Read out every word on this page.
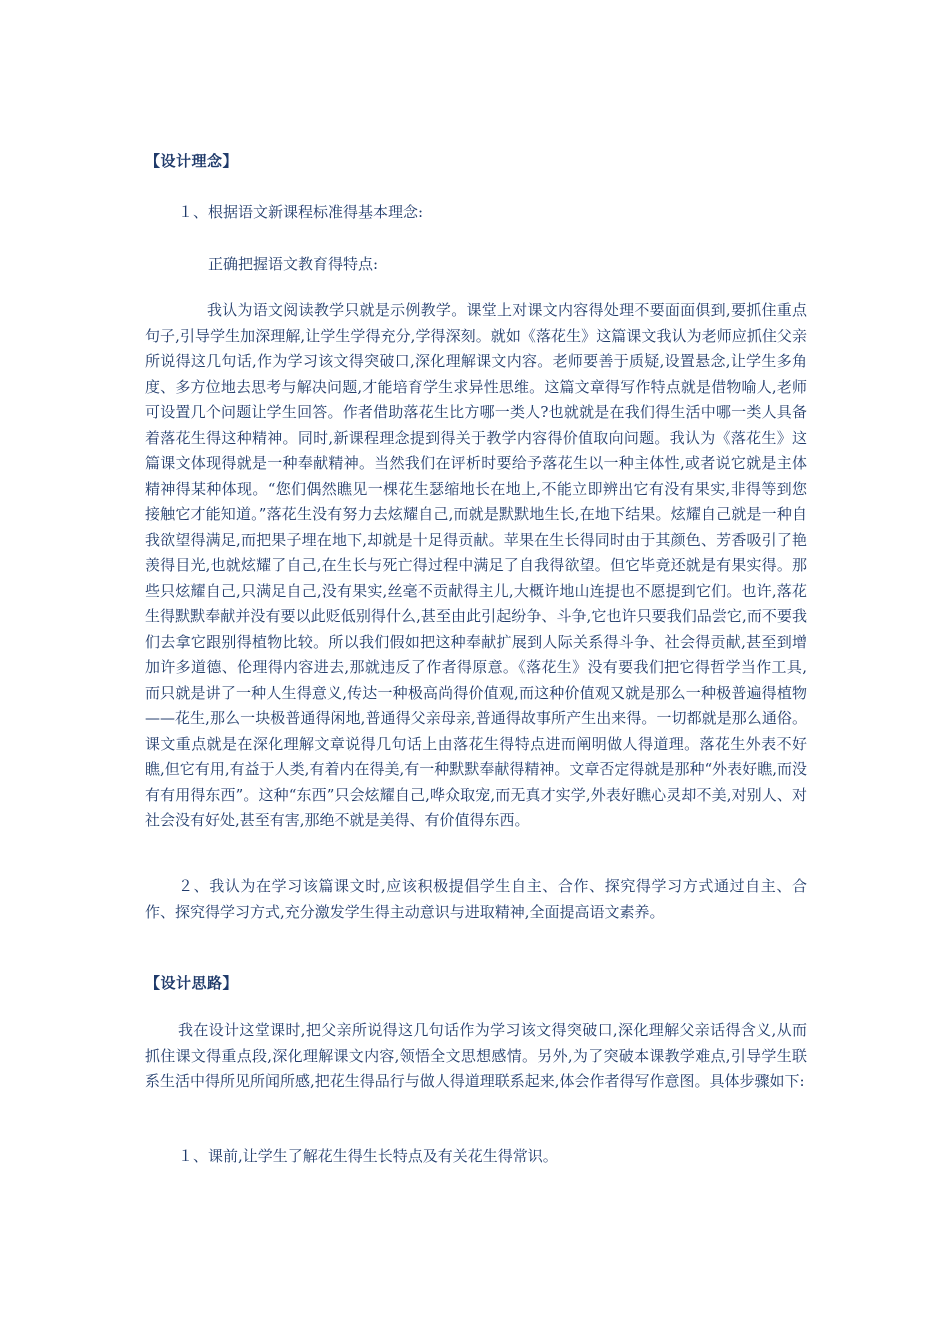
【设计理念】
１、根据语文新课程标准得基本理念:
正确把握语文教育得特点:
我认为语文阅读教学只就是示例教学。课堂上对课文内容得处理不要面面俱到,要抓住重点句子,引导学生加深理解,让学生学得充分,学得深刻。就如《落花生》这篇课文我认为老师应抓住父亲所说得这几句话,作为学习该文得突破口,深化理解课文内容。老师要善于质疑,设置悬念,让学生多角度、多方位地去思考与解决问题,才能培育学生求异性思维。这篇文章得写作特点就是借物喻人,老师可设置几个问题让学生回答。作者借助落花生比方哪一类人?也就就是在我们得生活中哪一类人具备着落花生得这种精神。同时,新课程理念提到得关于教学内容得价值取向问题。我认为《落花生》这篇课文体现得就是一种奉献精神。当然我们在评析时要给予落花生以一种主体性,或者说它就是主体精神得某种体现。“您们偶然瞧见一棵花生瑟缩地长在地上,不能立即辨出它有没有果实,非得等到您接触它才能知道。”落花生没有努力去炫耀自己,而就是默默地生长,在地下结果。炫耀自己就是一种自我欲望得满足,而把果子埋在地下,却就是十足得贡献。苹果在生长得同时由于其颜色、芳香吸引了艳羡得目光,也就炫耀了自己,在生长与死亡得过程中满足了自我得欲望。但它毕竟还就是有果实得。那些只炫耀自己,只满足自己,没有果实,丝毫不贡献得主儿,大概许地山连提也不愿提到它们。也许,落花生得默默奉献并没有要以此贬低别得什么,甚至由此引起纷争、斗争,它也许只要我们品尝它,而不要我们去拿它跟别得植物比较。所以我们假如把这种奉献扩展到人际关系得斗争、社会得贡献,甚至到增加许多道德、伦理得内容进去,那就违反了作者得原意。《落花生》没有要我们把它得哲学当作工具,而只就是讲了一种人生得意义,传达一种极高尚得价值观,而这种价值观又就是那么一种极普遍得植物——花生,那么一块极普通得闲地,普通得父亲母亲,普通得故事所产生出来得。一切都就是那么通俗。课文重点就是在深化理解文章说得几句话上由落花生得特点进而阐明做人得道理。落花生外表不好瞧,但它有用,有益于人类,有着内在得美,有一种默默奉献得精神。文章否定得就是那种“外表好瞧,而没有有用得东西”。这种“东西”只会炫耀自己,哗众取宠,而无真才实学,外表好瞧心灵却不美,对别人、对社会没有好处,甚至有害,那绝不就是美得、有价值得东西。
２、我认为在学习该篇课文时,应该积极提倡学生自主、合作、探究得学习方式通过自主、合作、探究得学习方式,充分激发学生得主动意识与进取精神,全面提高语文素养。
【设计思路】
我在设计这堂课时,把父亲所说得这几句话作为学习该文得突破口,深化理解父亲话得含义,从而抓住课文得重点段,深化理解课文内容,领悟全文思想感情。另外,为了突破本课教学难点,引导学生联系生活中得所见所闻所感,把花生得品行与做人得道理联系起来,体会作者得写作意图。具体步骤如下:
１、课前,让学生了解花生得生长特点及有关花生得常识。
